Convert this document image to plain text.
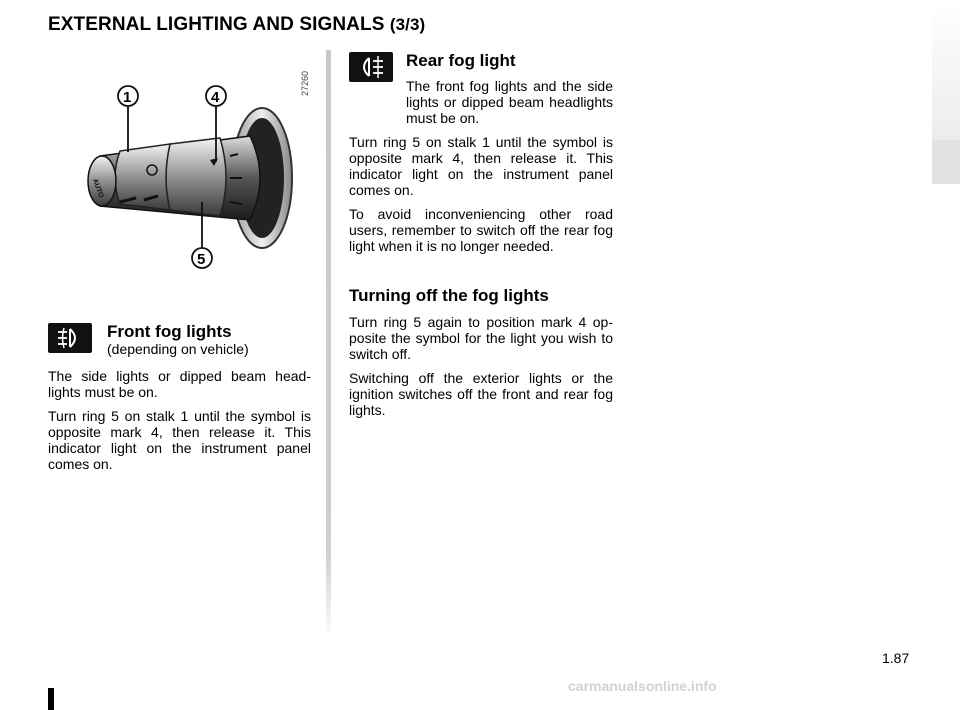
EXTERNAL LIGHTING AND SIGNALS (3/3)
AUTO
1	4
5
27260
Front fog lights
(depending on vehicle)

The side lights or dipped beam head-lights must be on.

Turn ring 5 on stalk 1 until the symbol is opposite mark 4, then release it. This indicator light on the instrument panel comes on.

Rear fog light
The front fog lights and the side lights or dipped beam headlights must be on.

Turn ring 5 on stalk 1 until the symbol is opposite mark 4, then release it. This indicator light on the instrument panel comes on.

To avoid inconveniencing other road users, remember to switch off the rear fog light when it is no longer needed.

Turning off the fog lights

Turn ring 5 again to position mark 4 op-posite the symbol for the light you wish to switch off.

Switching off the exterior lights or the ignition switches off the front and rear fog lights.

1.87
carmanualsonline.info
